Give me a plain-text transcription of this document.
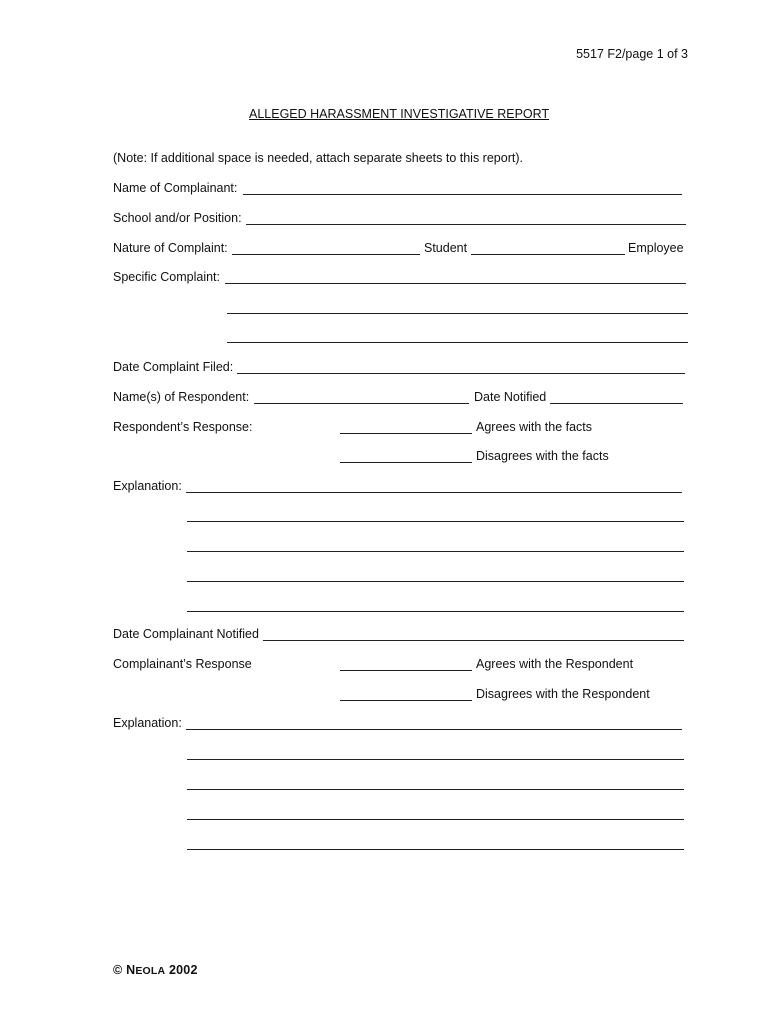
5517 F2/page 1 of 3
ALLEGED HARASSMENT INVESTIGATIVE REPORT
(Note: If additional space is needed, attach separate sheets to this report).
Name of Complainant:
School and/or Position:
Nature of Complaint:	Student	Employee
Specific Complaint:
Date Complaint Filed:
Name(s) of Respondent:	Date Notified
Respondent’s Response:	Agrees with the facts
Disagrees with the facts
Explanation:
Date Complainant Notified
Complainant’s Response	Agrees with the Respondent
Disagrees with the Respondent
Explanation:
© NEOLA 2002
